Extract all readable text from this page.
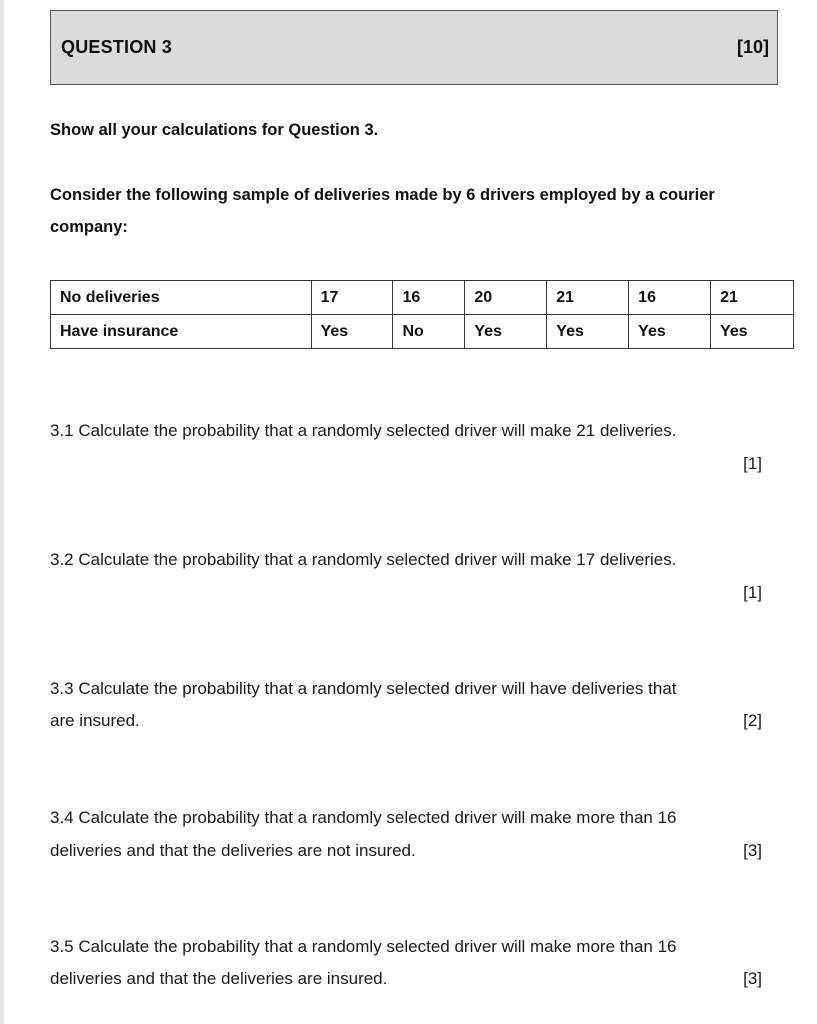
QUESTION 3	[10]
Show all your calculations for Question 3.
Consider the following sample of deliveries made by 6 drivers employed by a courier
company:
No deliveries	17	16	20	21	16	21
Have insurance	Yes	No	Yes	Yes	Yes	Yes
3.1 Calculate the probability that a randomly selected driver will make 21 deliveries.
[1]
3.2 Calculate the probability that a randomly selected driver will make 17 deliveries.
[1]
3.3 Calculate the probability that a randomly selected driver will have deliveries that
are insured.	[2]
3.4 Calculate the probability that a randomly selected driver will make more than 16
deliveries and that the deliveries are not insured.	[3]
3.5 Calculate the probability that a randomly selected driver will make more than 16
deliveries and that the deliveries are insured.	[3]
